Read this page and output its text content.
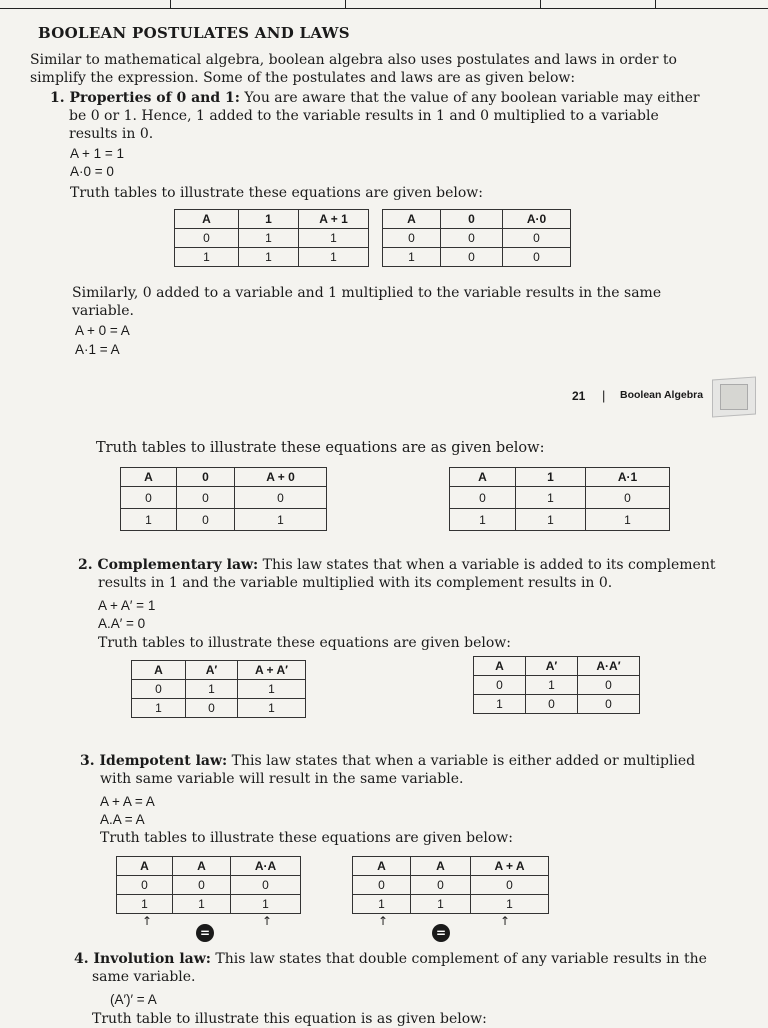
BOOLEAN POSTULATES AND LAWS
Similar to mathematical algebra, boolean algebra also uses postulates and laws in order to
simplify the expression. Some of the postulates and laws are as given below:
1. Properties of 0 and 1: You are aware that the value of any boolean variable may either
be 0 or 1. Hence, 1 added to the variable results in 1 and 0 multiplied to a variable
results in 0.
A + 1 = 1
A·0 = 0
Truth tables to illustrate these equations are given below:
A	1	A + 1
0	1	1
1	1	1
A	0	A·0
0	0	0
1	0	0
Similarly, 0 added to a variable and 1 multiplied to the variable results in the same
variable.
A + 0 = A
A·1 = A
21 | Boolean Algebra
Truth tables to illustrate these equations are as given below:
A	0	A + 0
0	0	0
1	0	1
A	1	A·1
0	1	0
1	1	1
2. Complementary law: This law states that when a variable is added to its complement
results in 1 and the variable multiplied with its complement results in 0.
A + A′ = 1
A.A′ = 0
Truth tables to illustrate these equations are given below:
A	A′	A + A′
0	1	1
1	0	1
A	A′	A·A′
0	1	0
1	0	0
3. Idempotent law: This law states that when a variable is either added or multiplied
with same variable will result in the same variable.
A + A = A
A.A = A
Truth tables to illustrate these equations are given below:
A	A	A·A
0	0	0
1	1	1
A	A	A + A
0	0	0
1	1	1
↑	↑
=
↑	↑
=
4. Involution law: This law states that double complement of any variable results in the
same variable.
(A′)′ = A
Truth table to illustrate this equation is as given below:
